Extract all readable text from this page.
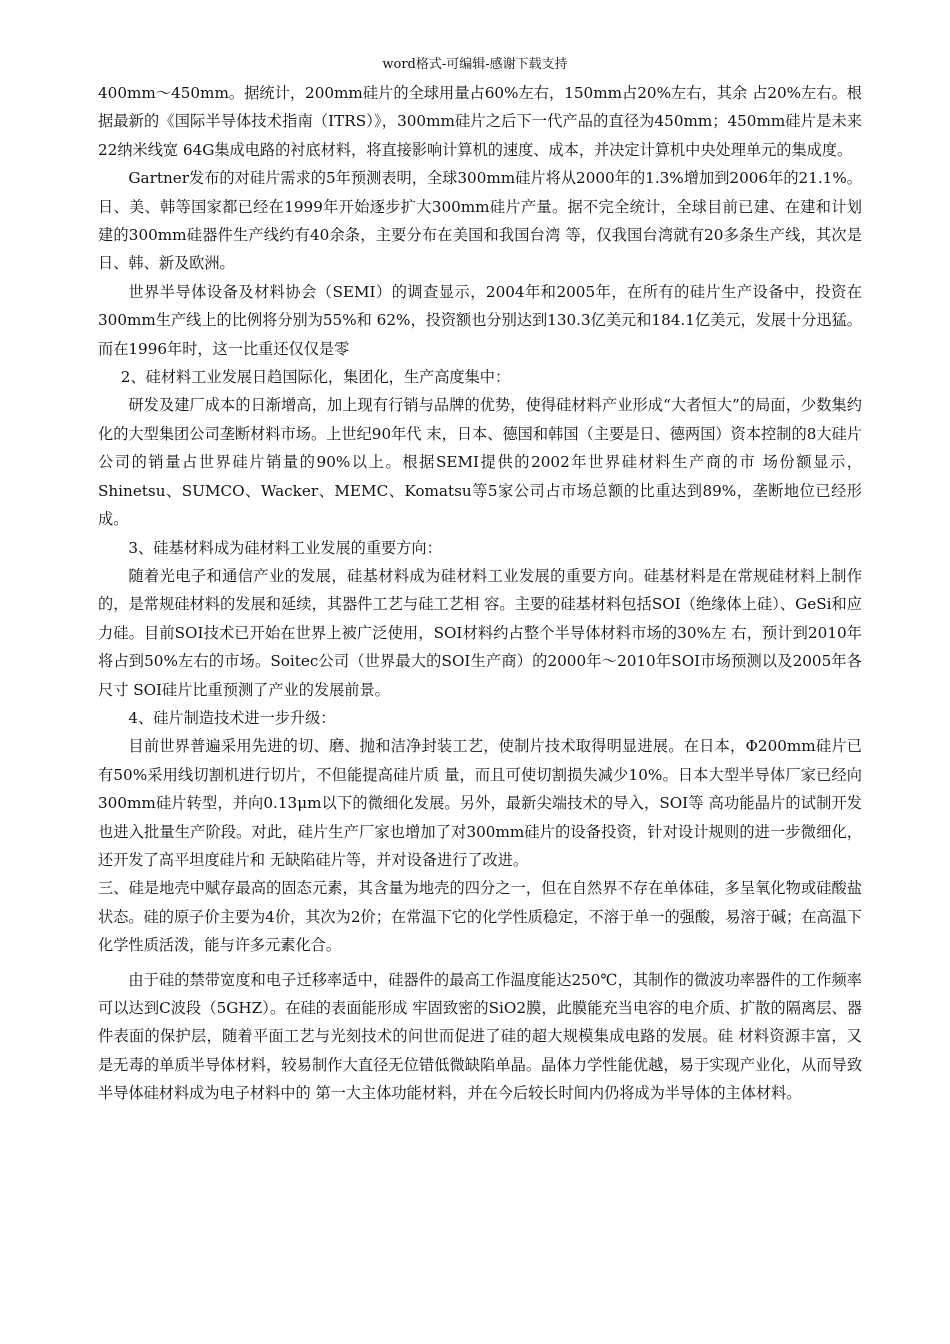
word格式-可编辑-感谢下载支持

400mm～450mm。据统计，200mm硅片的全球用量占60%左右，150mm占20%左右，其余 占20%左右。根据最新的《国际半导体技术指南（ITRS）》，300mm硅片之后下一代产品的直径为450mm；450mm硅片是未来22纳米线宽 64G集成电路的衬底材料，将直接影响计算机的速度、成本，并决定计算机中央处理单元的集成度。

Gartner发布的对硅片需求的5年预测表明，全球300mm硅片将从2000年的1.3%增加到2006年的21.1%。日、美、韩等国家都已经在1999年开始逐步扩大300mm硅片产量。据不完全统计，全球目前已建、在建和计划建的300mm硅器件生产线约有40余条，主要分布在美国和我国台湾 等，仅我国台湾就有20多条生产线，其次是日、韩、新及欧洲。

世界半导体设备及材料协会（SEMI）的调查显示，2004年和2005年，在所有的硅片生产设备中，投资在300mm生产线上的比例将分别为55%和 62%，投资额也分别达到130.3亿美元和184.1亿美元，发展十分迅猛。而在1996年时，这一比重还仅仅是零

2、硅材料工业发展日趋国际化，集团化，生产高度集中：

研发及建厂成本的日渐增高，加上现有行销与品牌的优势，使得硅材料产业形成“大者恒大”的局面，少数集约化的大型集团公司垄断材料市场。上世纪90年代 末，日本、德国和韩国（主要是日、德两国）资本控制的8大硅片公司的销量占世界硅片销量的90%以上。根据SEMI提供的2002年世界硅材料生产商的市 场份额显示，Shinetsu、SUMCO、Wacker、MEMC、Komatsu等5家公司占市场总额的比重达到89%，垄断地位已经形成。

3、硅基材料成为硅材料工业发展的重要方向：

随着光电子和通信产业的发展，硅基材料成为硅材料工业发展的重要方向。硅基材料是在常规硅材料上制作的，是常规硅材料的发展和延续，其器件工艺与硅工艺相 容。主要的硅基材料包括SOI（绝缘体上硅）、GeSi和应力硅。目前SOI技术已开始在世界上被广泛使用，SOI材料约占整个半导体材料市场的30%左 右，预计到2010年将占到50%左右的市场。Soitec公司（世界最大的SOI生产商）的2000年～2010年SOI市场预测以及2005年各尺寸 SOI硅片比重预测了产业的发展前景。

4、硅片制造技术进一步升级：

目前世界普遍采用先进的切、磨、抛和洁净封装工艺，使制片技术取得明显进展。在日本，Φ200mm硅片已有50%采用线切割机进行切片，不但能提高硅片质 量，而且可使切割损失减少10%。日本大型半导体厂家已经向300mm硅片转型，并向0.13μm以下的微细化发展。另外，最新尖端技术的导入，SOI等 高功能晶片的试制开发也进入批量生产阶段。对此，硅片生产厂家也增加了对300mm硅片的设备投资，针对设计规则的进一步微细化，还开发了高平坦度硅片和 无缺陷硅片等，并对设备进行了改进。

三、硅是地壳中赋存最高的固态元素，其含量为地壳的四分之一，但在自然界不存在单体硅，多呈氧化物或硅酸盐状态。硅的原子价主要为4价，其次为2价；在常温下它的化学性质稳定，不溶于单一的强酸，易溶于碱；在高温下化学性质活泼，能与许多元素化合。

由于硅的禁带宽度和电子迁移率适中，硅器件的最高工作温度能达250℃，其制作的微波功率器件的工作频率可以达到C波段（5GHZ）。在硅的表面能形成 牢固致密的SiO2膜，此膜能充当电容的电介质、扩散的隔离层、器件表面的保护层，随着平面工艺与光刻技术的问世而促进了硅的超大规模集成电路的发展。硅 材料资源丰富，又是无毒的单质半导体材料，较易制作大直径无位错低微缺陷单晶。晶体力学性能优越，易于实现产业化，从而导致半导体硅材料成为电子材料中的 第一大主体功能材料，并在今后较长时间内仍将成为半导体的主体材料。
